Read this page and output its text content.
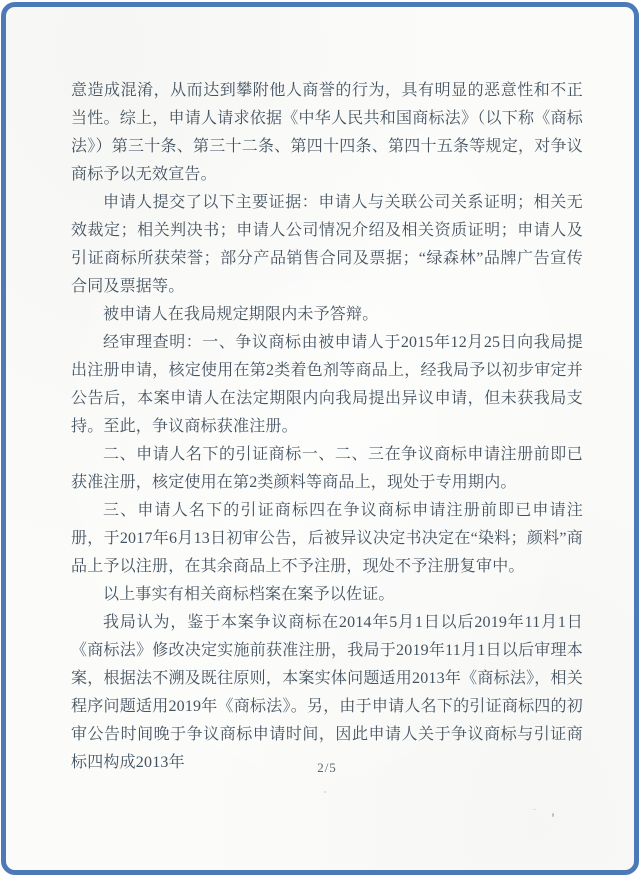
意造成混淆，从而达到攀附他人商誉的行为，具有明显的恶意性和不正当性。综上，申请人请求依据《中华人民共和国商标法》（以下称《商标法》）第三十条、第三十二条、第四十四条、第四十五条等规定，对争议商标予以无效宣告。

申请人提交了以下主要证据：申请人与关联公司关系证明；相关无效裁定；相关判决书；申请人公司情况介绍及相关资质证明；申请人及引证商标所获荣誉；部分产品销售合同及票据；“绿森林”品牌广告宣传合同及票据等。

被申请人在我局规定期限内未予答辩。

经审理查明：一、争议商标由被申请人于2015年12月25日向我局提出注册申请，核定使用在第2类着色剂等商品上，经我局予以初步审定并公告后，本案申请人在法定期限内向我局提出异议申请，但未获我局支持。至此，争议商标获准注册。

二、申请人名下的引证商标一、二、三在争议商标申请注册前即已获准注册，核定使用在第2类颜料等商品上，现处于专用期内。

三、申请人名下的引证商标四在争议商标申请注册前即已申请注册，于2017年6月13日初审公告，后被异议决定书决定在“染料；颜料”商品上予以注册，在其余商品上不予注册，现处不予注册复审中。

以上事实有相关商标档案在案予以佐证。

我局认为，鉴于本案争议商标在2014年5月1日以后2019年11月1日《商标法》修改决定实施前获准注册，我局于2019年11月1日以后审理本案，根据法不溯及既往原则，本案实体问题适用2013年《商标法》，相关程序问题适用2019年《商标法》。另，由于申请人名下的引证商标四的初审公告时间晚于争议商标申请时间，因此申请人关于争议商标与引证商标四构成2013年	2/5
